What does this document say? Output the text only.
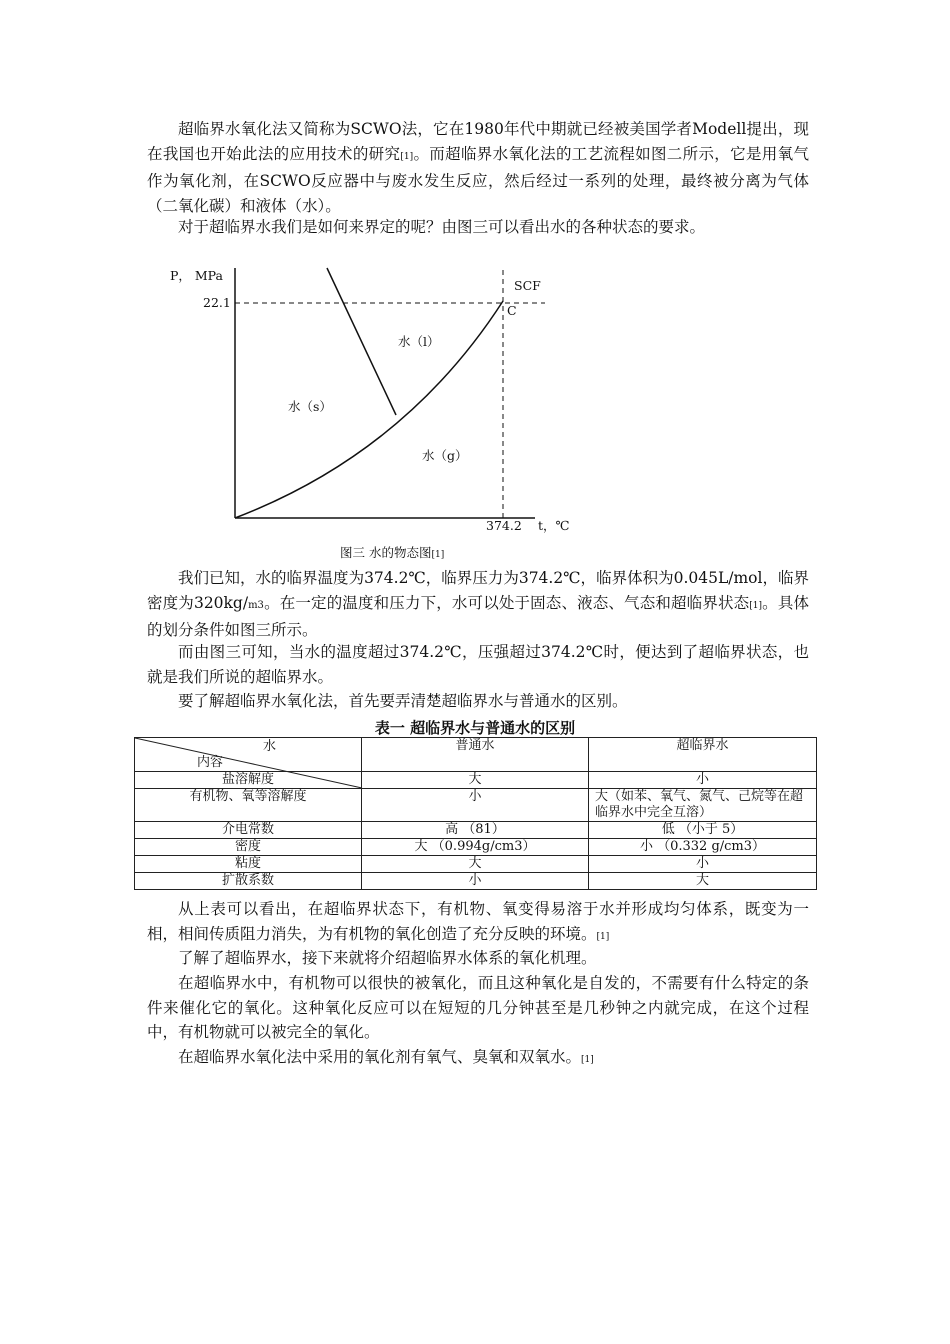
超临界水氧化法又简称为SCWO法，它在1980年代中期就已经被美国学者Modell提出，现在我国也开始此法的应用技术的研究[1]。而超临界水氧化法的工艺流程如图二所示，它是用氧气作为氧化剂，在SCWO反应器中与废水发生反应，然后经过一系列的处理，最终被分离为气体（二氧化碳）和液体（水）。

对于超临界水我们是如何来界定的呢？由图三可以看出水的各种状态的要求。

P， MPa
22.1
SCF
C
水（l）
水（s）
水（g）
374.2 t，℃
图三 水的物态图[1]

我们已知，水的临界温度为374.2℃，临界压力为374.2℃，临界体积为0.045L/mol，临界密度为320kg/m3。在一定的温度和压力下，水可以处于固态、液态、气态和超临界状态[1]。具体的划分条件如图三所示。

而由图三可知，当水的温度超过374.2℃，压强超过374.2℃时，便达到了超临界状态，也就是我们所说的超临界水。

要了解超临界水氧化法，首先要弄清楚超临界水与普通水的区别。

表一 超临界水与普通水的区别
水
内容	普通水	超临界水
盐溶解度	大	小
有机物、氧等溶解度	小	大（如苯、氧气、氮气、己烷等在超临界水中完全互溶）
介电常数	高 （81）	低 （小于 5）
密度	大 （0.994g/cm3）	小 （0.332 g/cm3）
粘度	大	小
扩散系数	小	大

从上表可以看出，在超临界状态下，有机物、氧变得易溶于水并形成均匀体系，既变为一相，相间传质阻力消失，为有机物的氧化创造了充分反映的环境。[1]

了解了超临界水，接下来就将介绍超临界水体系的氧化机理。

在超临界水中，有机物可以很快的被氧化，而且这种氧化是自发的，不需要有什么特定的条件来催化它的氧化。这种氧化反应可以在短短的几分钟甚至是几秒钟之内就完成，在这个过程中，有机物就可以被完全的氧化。

在超临界水氧化法中采用的氧化剂有氧气、臭氧和双氧水。[1]
